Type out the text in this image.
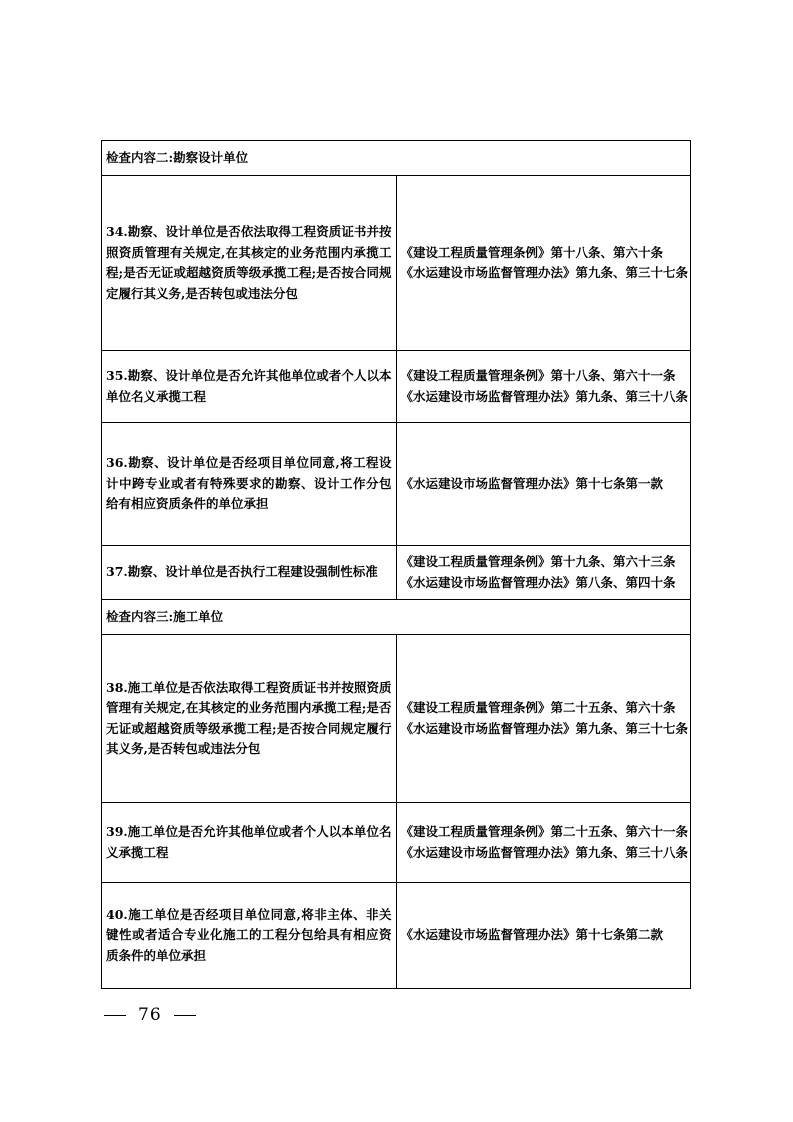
检查内容二:勘察设计单位	
34.勘察、设计单位是否依法取得工程资质证书并按照资质管理有关规定,在其核定的业务范围内承揽工程;是否无证或超越资质等级承揽工程;是否按合同规定履行其义务,是否转包或违法分包	《建设工程质量管理条例》第十八条、第六十条
《水运建设市场监督管理办法》第九条、第三十七条

35.勘察、设计单位是否允许其他单位或者个人以本单位名义承揽工程	《建设工程质量管理条例》第十八条、第六十一条
《水运建设市场监督管理办法》第九条、第三十八条

36.勘察、设计单位是否经项目单位同意,将工程设计中跨专业或者有特殊要求的勘察、设计工作分包给有相应资质条件的单位承担	《水运建设市场监督管理办法》第十七条第一款

37.勘察、设计单位是否执行工程建设强制性标准	《建设工程质量管理条例》第十九条、第六十三条
《水运建设市场监督管理办法》第八条、第四十条

检查内容三:施工单位	
38.施工单位是否依法取得工程资质证书并按照资质管理有关规定,在其核定的业务范围内承揽工程;是否无证或超越资质等级承揽工程;是否按合同规定履行其义务,是否转包或违法分包	《建设工程质量管理条例》第二十五条、第六十条
《水运建设市场监督管理办法》第九条、第三十七条

39.施工单位是否允许其他单位或者个人以本单位名义承揽工程	《建设工程质量管理条例》第二十五条、第六十一条
《水运建设市场监督管理办法》第九条、第三十八条

40.施工单位是否经项目单位同意,将非主体、非关键性或者适合专业化施工的工程分包给具有相应资质条件的单位承担	《水运建设市场监督管理办法》第十七条第二款
76
